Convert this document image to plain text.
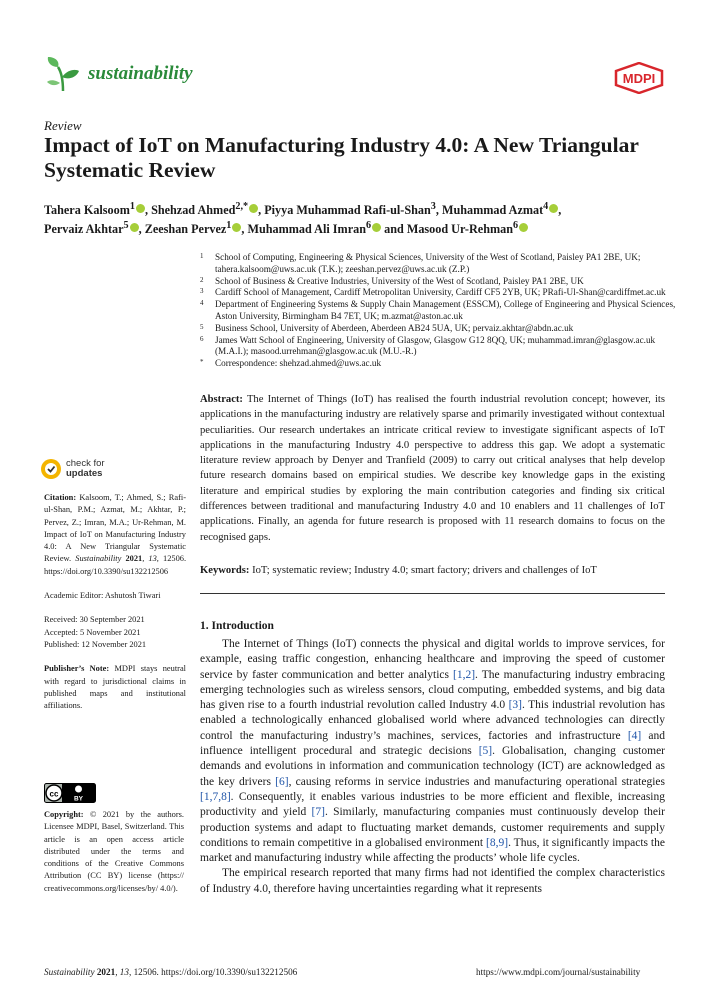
sustainability	MDPI
Review
Impact of IoT on Manufacturing Industry 4.0: A New Triangular Systematic Review
Tahera Kalsoom$^1$ , Shehzad Ahmed$^{2,*}$ , Piyya Muhammad Rafi-ul-Shan$^3$, Muhammad Azmat$^4$ ,
Pervaiz Akhtar$^5$ , Zeeshan Pervez$^1$ , Muhammad Ali Imran$^6$ and Masood Ur-Rehman$^6$
1 School of Computing, Engineering & Physical Sciences, University of the West of Scotland, Paisley PA1 2BE, UK; tahera.kalsoom@uws.ac.uk (T.K.); zeeshan.pervez@uws.ac.uk (Z.P.)
2 School of Business & Creative Industries, University of the West of Scotland, Paisley PA1 2BE, UK
3 Cardiff School of Management, Cardiff Metropolitan University, Cardiff CF5 2YB, UK; PRafi-Ul-Shan@cardiffmet.ac.uk
4 Department of Engineering Systems & Supply Chain Management (ESSCM), College of Engineering and Physical Sciences, Aston University, Birmingham B4 7ET, UK; m.azmat@aston.ac.uk
5 Business School, University of Aberdeen, Aberdeen AB24 5UA, UK; pervaiz.akhtar@abdn.ac.uk
6 James Watt School of Engineering, University of Glasgow, Glasgow G12 8QQ, UK; muhammad.imran@glasgow.ac.uk (M.A.I.); masood.urrehman@glasgow.ac.uk (M.U.-R.)
* Correspondence: shehzad.ahmed@uws.ac.uk
Abstract: The Internet of Things (IoT) has realised the fourth industrial revolution concept; however, its applications in the manufacturing industry are relatively sparse and primarily investigated without contextual peculiarities. Our research undertakes an intricate critical review to investigate significant aspects of IoT applications in the manufacturing Industry 4.0 perspective to address this gap. We adopt a systematic literature review approach by Denyer and Tranfield (2009) to carry out critical analyses that help develop future research domains based on empirical studies. We describe key knowledge gaps in the existing literature and empirical studies by exploring the main contribution categories and finding six critical differences between traditional and manufacturing Industry 4.0 and 10 enablers and 11 challenges of IoT applications. Finally, an agenda for future research is proposed with 11 research domains to focus on the recognised gaps.
Keywords: IoT; systematic review; Industry 4.0; smart factory; drivers and challenges of IoT
check for
updates
Citation: Kalsoom, T.; Ahmed, S.; Rafi-ul-Shan, P.M.; Azmat, M.; Akhtar, P.; Pervez, Z.; Imran, M.A.; Ur-Rehman, M. Impact of IoT on Manufacturing Industry 4.0: A New Triangular Systematic Review. Sustainability 2021, 13, 12506. https://doi.org/10.3390/su132212506
Academic Editor: Ashutosh Tiwari
Received: 30 September 2021
Accepted: 5 November 2021
Published: 12 November 2021
Publisher’s Note: MDPI stays neutral with regard to jurisdictional claims in published maps and institutional affiliations.
cc
BY
Copyright: © 2021 by the authors. Licensee MDPI, Basel, Switzerland. This article is an open access article distributed under the terms and conditions of the Creative Commons Attribution (CC BY) license (https:// creativecommons.org/licenses/by/ 4.0/).
1. Introduction

The Internet of Things (IoT) connects the physical and digital worlds to improve services, for example, easing traffic congestion, enhancing healthcare and improving the speed of customer service by faster communication and better analytics [1,2]. The manufacturing industry embracing emerging technologies such as wireless sensors, cloud computing, embedded systems, and big data has given rise to a fourth industrial revolution called Industry 4.0 [3]. This industrial revolution has enabled a technologically enhanced globalised world where advanced technologies can directly control the manufacturing industry’s machines, services, factories and infrastructure [4] and influence intelligent procedural and strategic decisions [5]. Globalisation, changing customer demands and evolutions in information and communication technology (ICT) are acknowledged as the key drivers [6], causing reforms in service industries and manufacturing operational strategies [1,7,8]. Consequently, it enables various industries to be more efficient and flexible, increasing productivity and yield [7]. Similarly, manufacturing companies must continuously develop their production systems and adapt to fluctuating market demands, customer requirements and supply conditions to remain competitive in a globalised environment [8,9]. Thus, it significantly impacts the market and manufacturing industry while affecting the products’ whole life cycles.

The empirical research reported that many firms had not identified the complex characteristics of Industry 4.0, therefore having uncertainties regarding what it represents

Sustainability 2021, 13, 12506. https://doi.org/10.3390/su132212506	https://www.mdpi.com/journal/sustainability
